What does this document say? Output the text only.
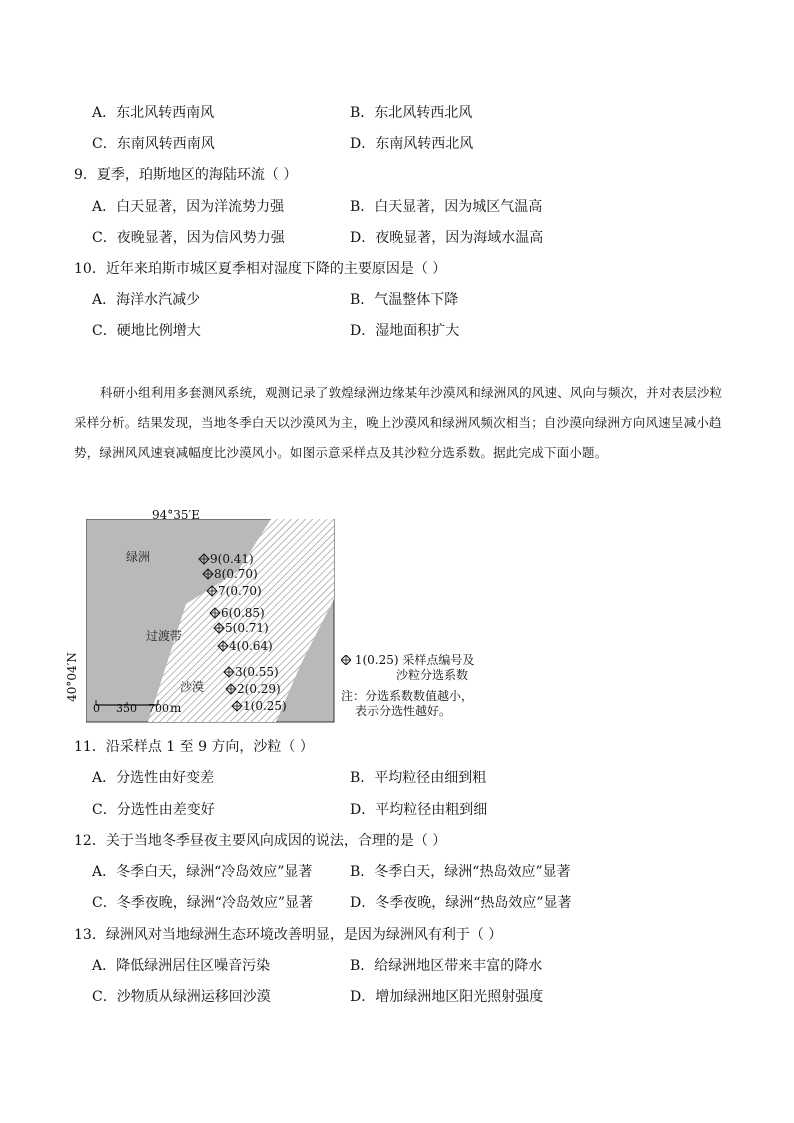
A．东北风转西南风	B．东北风转西北风
C．东南风转西南风	D．东南风转西北风
9．夏季，珀斯地区的海陆环流（ ）
A．白天显著，因为洋流势力强	B．白天显著，因为城区气温高
C．夜晚显著，因为信风势力强	D．夜晚显著，因为海域水温高
10．近年来珀斯市城区夏季相对湿度下降的主要原因是（ ）
A．海洋水汽减少	B．气温整体下降
C．硬地比例增大	D．湿地面积扩大
科研小组利用多套测风系统，观测记录了敦煌绿洲边缘某年沙漠风和绿洲风的风速、风向与频次，并对表层沙粒采样分析。结果发现，当地冬季白天以沙漠风为主，晚上沙漠风和绿洲风频次相当；自沙漠向绿洲方向风速呈减小趋势，绿洲风风速衰减幅度比沙漠风小。如图示意采样点及其沙粒分选系数。据此完成下面小题。
绿洲
过渡带
沙漠
0 350 700 m
9(0.41)
8(0.70)
7(0.70)
6(0.85)
5(0.71)
4(0.64)
3(0.55)
2(0.29)
1(0.25)
94°35′E
40°04′N	1(0.25) 采样点编号及
沙粒分选系数
注：分选系数数值越小，
表示分选性越好。
11．沿采样点 1 至 9 方向，沙粒（ ）
A．分选性由好变差	B．平均粒径由细到粗
C．分选性由差变好	D．平均粒径由粗到细
12．关于当地冬季昼夜主要风向成因的说法，合理的是（ ）
A．冬季白天，绿洲“冷岛效应”显著	B．冬季白天，绿洲“热岛效应”显著
C．冬季夜晚，绿洲“冷岛效应”显著	D．冬季夜晚，绿洲“热岛效应”显著
13．绿洲风对当地绿洲生态环境改善明显，是因为绿洲风有利于（ ）
A．降低绿洲居住区噪音污染	B．给绿洲地区带来丰富的降水
C．沙物质从绿洲运移回沙漠	D．增加绿洲地区阳光照射强度
